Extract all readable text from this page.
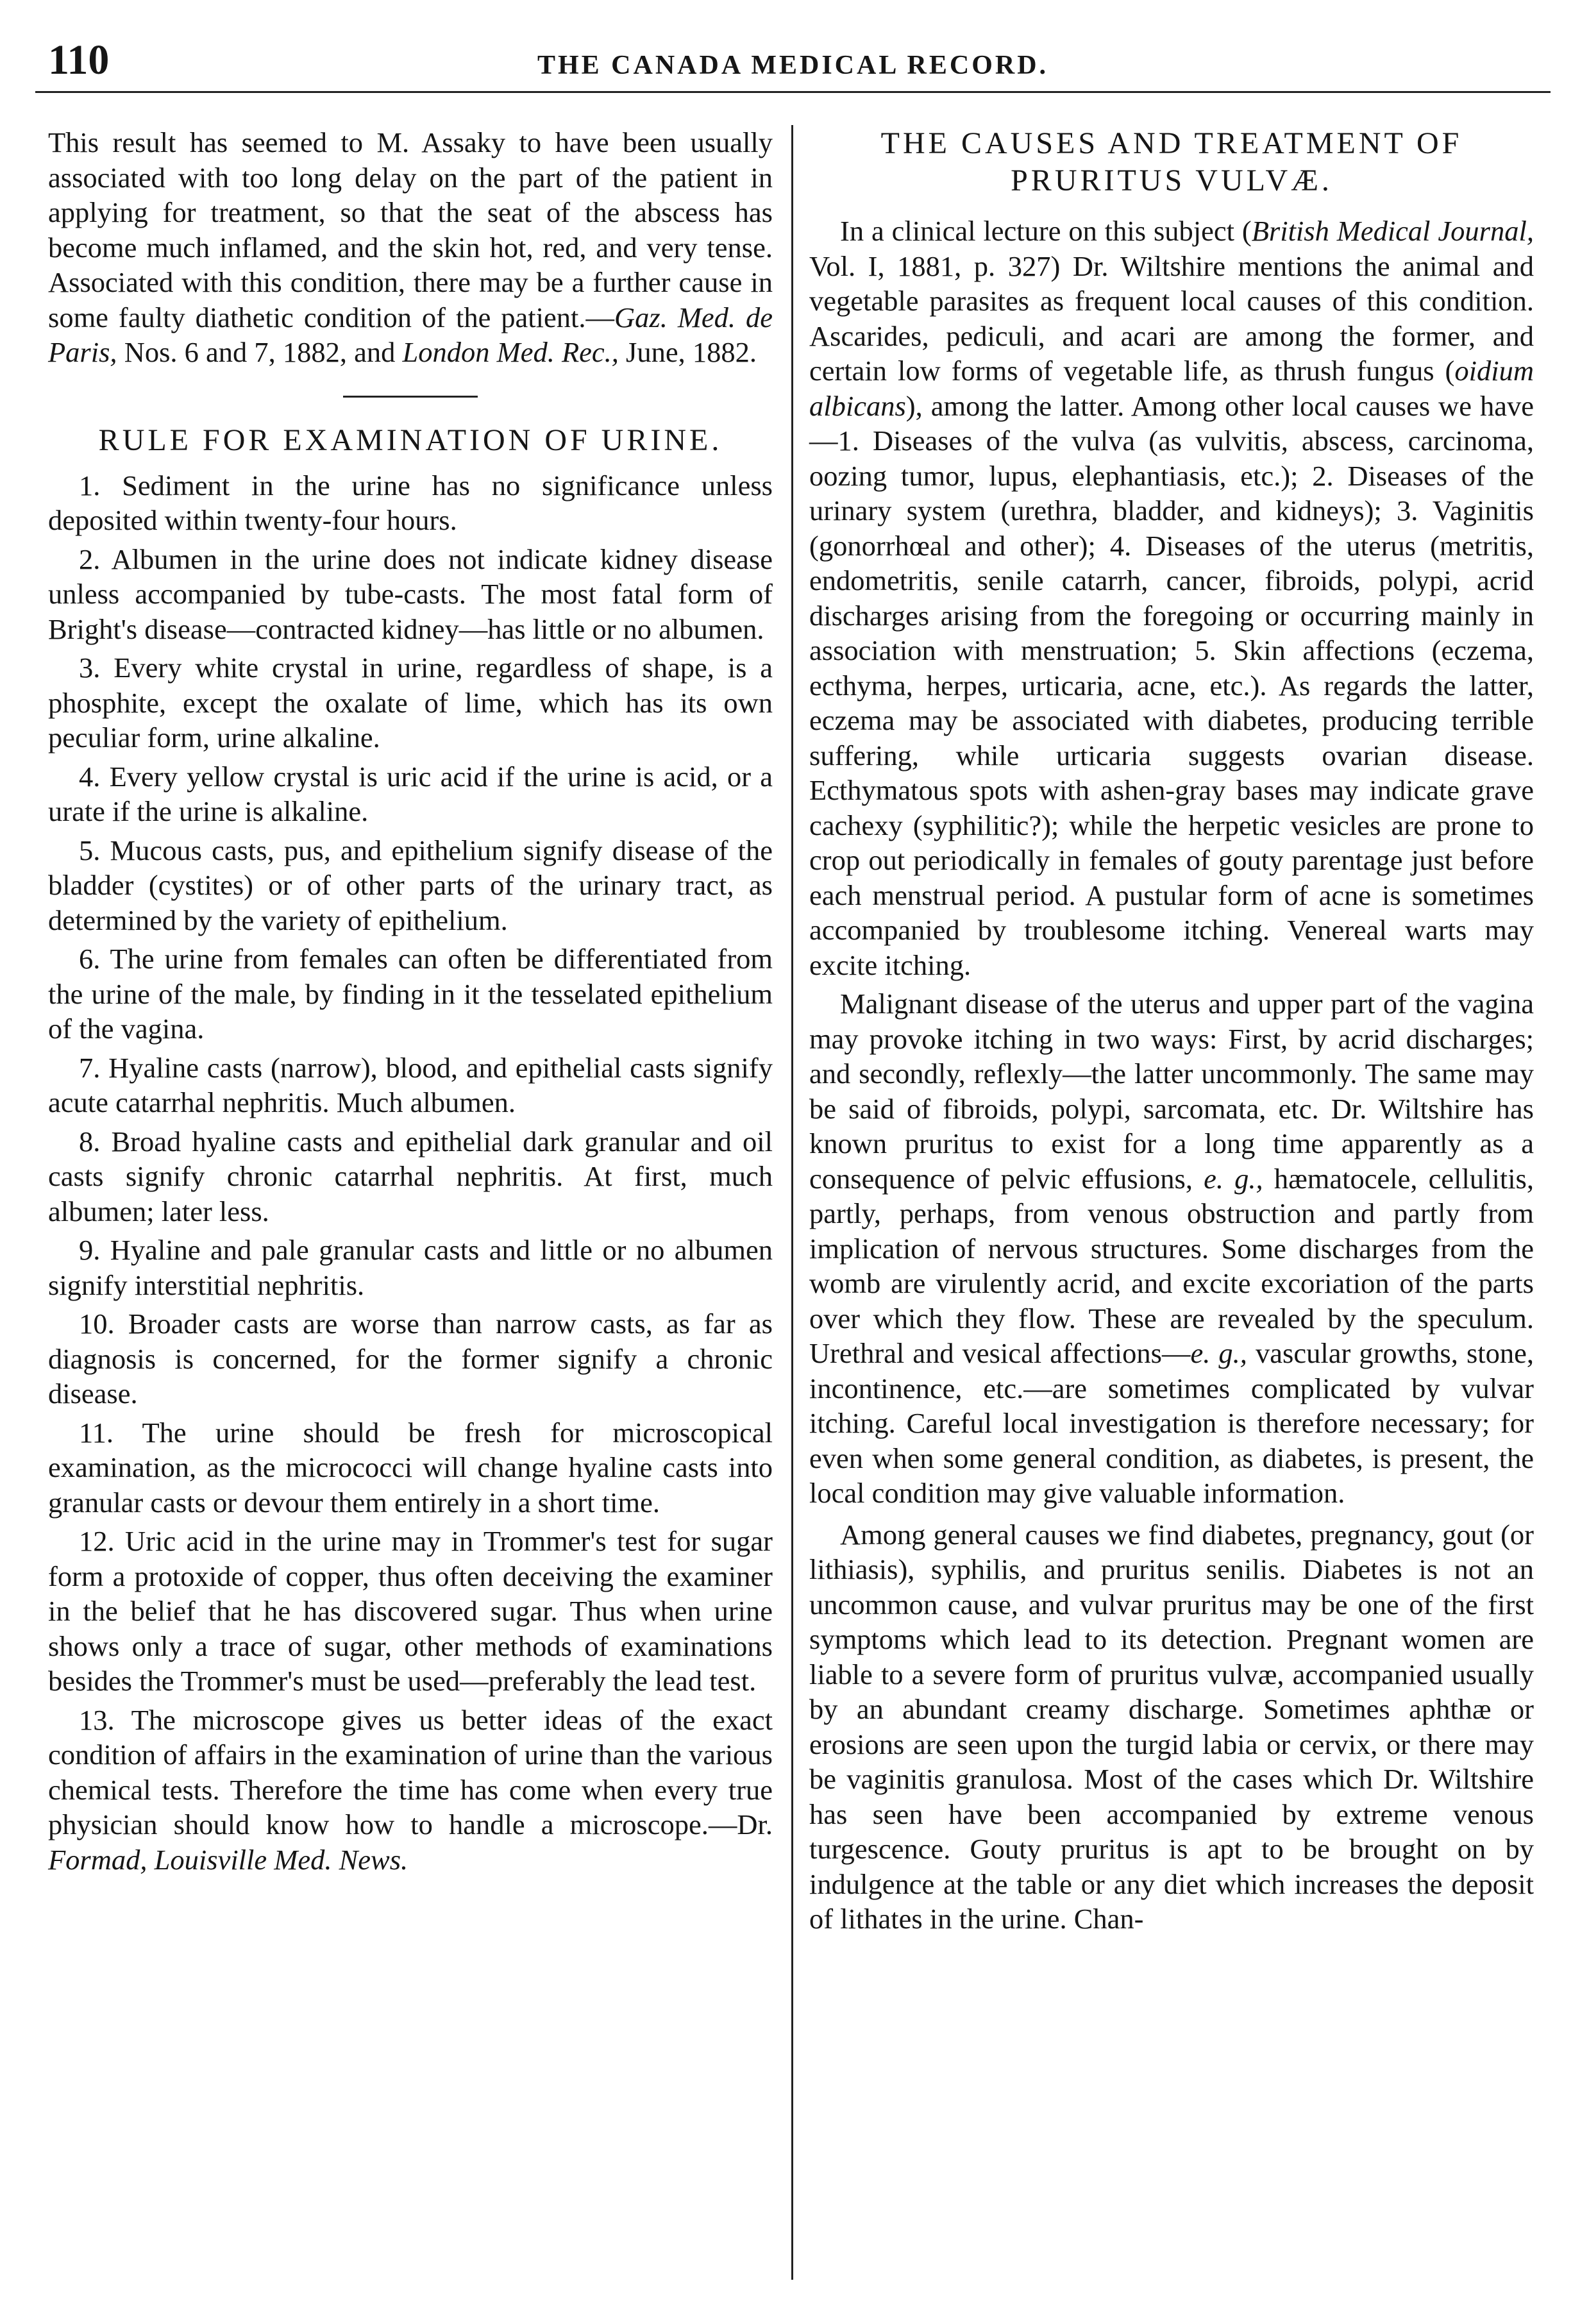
110	THE CANADA MEDICAL RECORD.

This result has seemed to M. Assaky to have been usually associated with too long delay on the part of the patient in applying for treatment, so that the seat of the abscess has become much inflamed, and the skin hot, red, and very tense. Associated with this condition, there may be a further cause in some faulty diathetic condition of the patient.—Gaz. Med. de Paris, Nos. 6 and 7, 1882, and London Med. Rec., June, 1882.

RULE FOR EXAMINATION OF URINE.

1. Sediment in the urine has no significance unless deposited within twenty-four hours.

2. Albumen in the urine does not indicate kidney disease unless accompanied by tube-casts. The most fatal form of Bright's disease—contracted kidney—has little or no albumen.

3. Every white crystal in urine, regardless of shape, is a phosphite, except the oxalate of lime, which has its own peculiar form, urine alkaline.

4. Every yellow crystal is uric acid if the urine is acid, or a urate if the urine is alkaline.

5. Mucous casts, pus, and epithelium signify disease of the bladder (cystites) or of other parts of the urinary tract, as determined by the variety of epithelium.

6. The urine from females can often be differentiated from the urine of the male, by finding in it the tesselated epithelium of the vagina.

7. Hyaline casts (narrow), blood, and epithelial casts signify acute catarrhal nephritis. Much albumen.

8. Broad hyaline casts and epithelial dark granular and oil casts signify chronic catarrhal nephritis. At first, much albumen; later less.

9. Hyaline and pale granular casts and little or no albumen signify interstitial nephritis.

10. Broader casts are worse than narrow casts, as far as diagnosis is concerned, for the former signify a chronic disease.

11. The urine should be fresh for microscopical examination, as the micrococci will change hyaline casts into granular casts or devour them entirely in a short time.

12. Uric acid in the urine may in Trommer's test for sugar form a protoxide of copper, thus often deceiving the examiner in the belief that he has discovered sugar. Thus when urine shows only a trace of sugar, other methods of examinations besides the Trommer's must be used—preferably the lead test.

13. The microscope gives us better ideas of the exact condition of affairs in the examination of urine than the various chemical tests. Therefore the time has come when every true physician should know how to handle a microscope.—Dr. Formad, Louisville Med. News.

THE CAUSES AND TREATMENT OF
PRURITUS VULVÆ.

In a clinical lecture on this subject (British Medical Journal, Vol. I, 1881, p. 327) Dr. Wiltshire mentions the animal and vegetable parasites as frequent local causes of this condition. Ascarides, pediculi, and acari are among the former, and certain low forms of vegetable life, as thrush fungus (oidium albicans), among the latter. Among other local causes we have—1. Diseases of the vulva (as vulvitis, abscess, carcinoma, oozing tumor, lupus, elephantiasis, etc.); 2. Diseases of the urinary system (urethra, bladder, and kidneys); 3. Vaginitis (gonorrhœal and other); 4. Diseases of the uterus (metritis, endometritis, senile catarrh, cancer, fibroids, polypi, acrid discharges arising from the foregoing or occurring mainly in association with menstruation; 5. Skin affections (eczema, ecthyma, herpes, urticaria, acne, etc.). As regards the latter, eczema may be associated with diabetes, producing terrible suffering, while urticaria suggests ovarian disease. Ecthymatous spots with ashen-gray bases may indicate grave cachexy (syphilitic?); while the herpetic vesicles are prone to crop out periodically in females of gouty parentage just before each menstrual period. A pustular form of acne is sometimes accompanied by troublesome itching. Venereal warts may excite itching.

Malignant disease of the uterus and upper part of the vagina may provoke itching in two ways: First, by acrid discharges; and secondly, reflexly—the latter uncommonly. The same may be said of fibroids, polypi, sarcomata, etc. Dr. Wiltshire has known pruritus to exist for a long time apparently as a consequence of pelvic effusions, e. g., hæmatocele, cellulitis, partly, perhaps, from venous obstruction and partly from implication of nervous structures. Some discharges from the womb are virulently acrid, and excite excoriation of the parts over which they flow. These are revealed by the speculum. Urethral and vesical affections—e. g., vascular growths, stone, incontinence, etc.—are sometimes complicated by vulvar itching. Careful local investigation is therefore necessary; for even when some general condition, as diabetes, is present, the local condition may give valuable information.

Among general causes we find diabetes, pregnancy, gout (or lithiasis), syphilis, and pruritus senilis. Diabetes is not an uncommon cause, and vulvar pruritus may be one of the first symptoms which lead to its detection. Pregnant women are liable to a severe form of pruritus vulvæ, accompanied usually by an abundant creamy discharge. Sometimes aphthæ or erosions are seen upon the turgid labia or cervix, or there may be vaginitis granulosa. Most of the cases which Dr. Wiltshire has seen have been accompanied by extreme venous turgescence. Gouty pruritus is apt to be brought on by indulgence at the table or any diet which increases the deposit of lithates in the urine. Chan-
